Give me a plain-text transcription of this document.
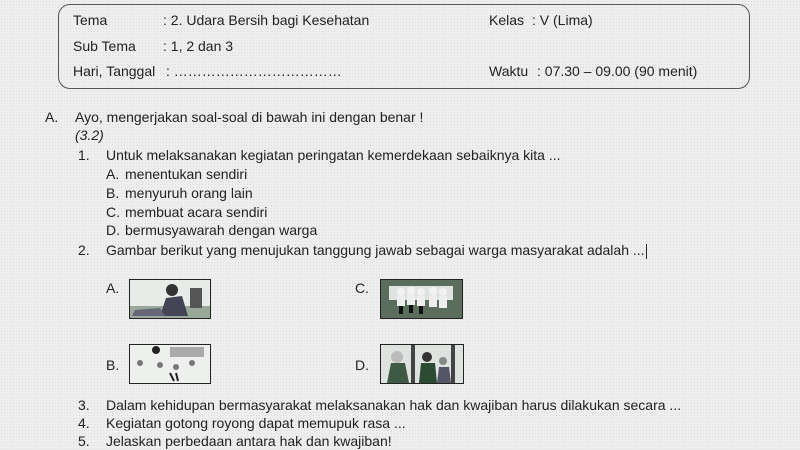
Tema	: 2. Udara Bersih bagi Kesehatan	Kelas : V (Lima)
Sub Tema : 1, 2 dan 3
Hari, Tanggal : ………………………………	Waktu : 07.30 – 09.00 (90 menit)
A. Ayo, mengerjakan soal-soal di bawah ini dengan benar !
(3.2)
1. Untuk melaksanakan kegiatan peringatan kemerdekaan sebaiknya kita ...
A. menentukan sendiri
B. menyuruh orang lain
C. membuat acara sendiri
D. bermusyawarah dengan warga
2. Gambar berikut yang menujukan tanggung jawab sebagai warga masyarakat adalah ...
A.	C.
B.	D.
3. Dalam kehidupan bermasyarakat melaksanakan hak dan kwajiban harus dilakukan secara ...
4. Kegiatan gotong royong dapat memupuk rasa ...
5. Jelaskan perbedaan antara hak dan kwajiban!
